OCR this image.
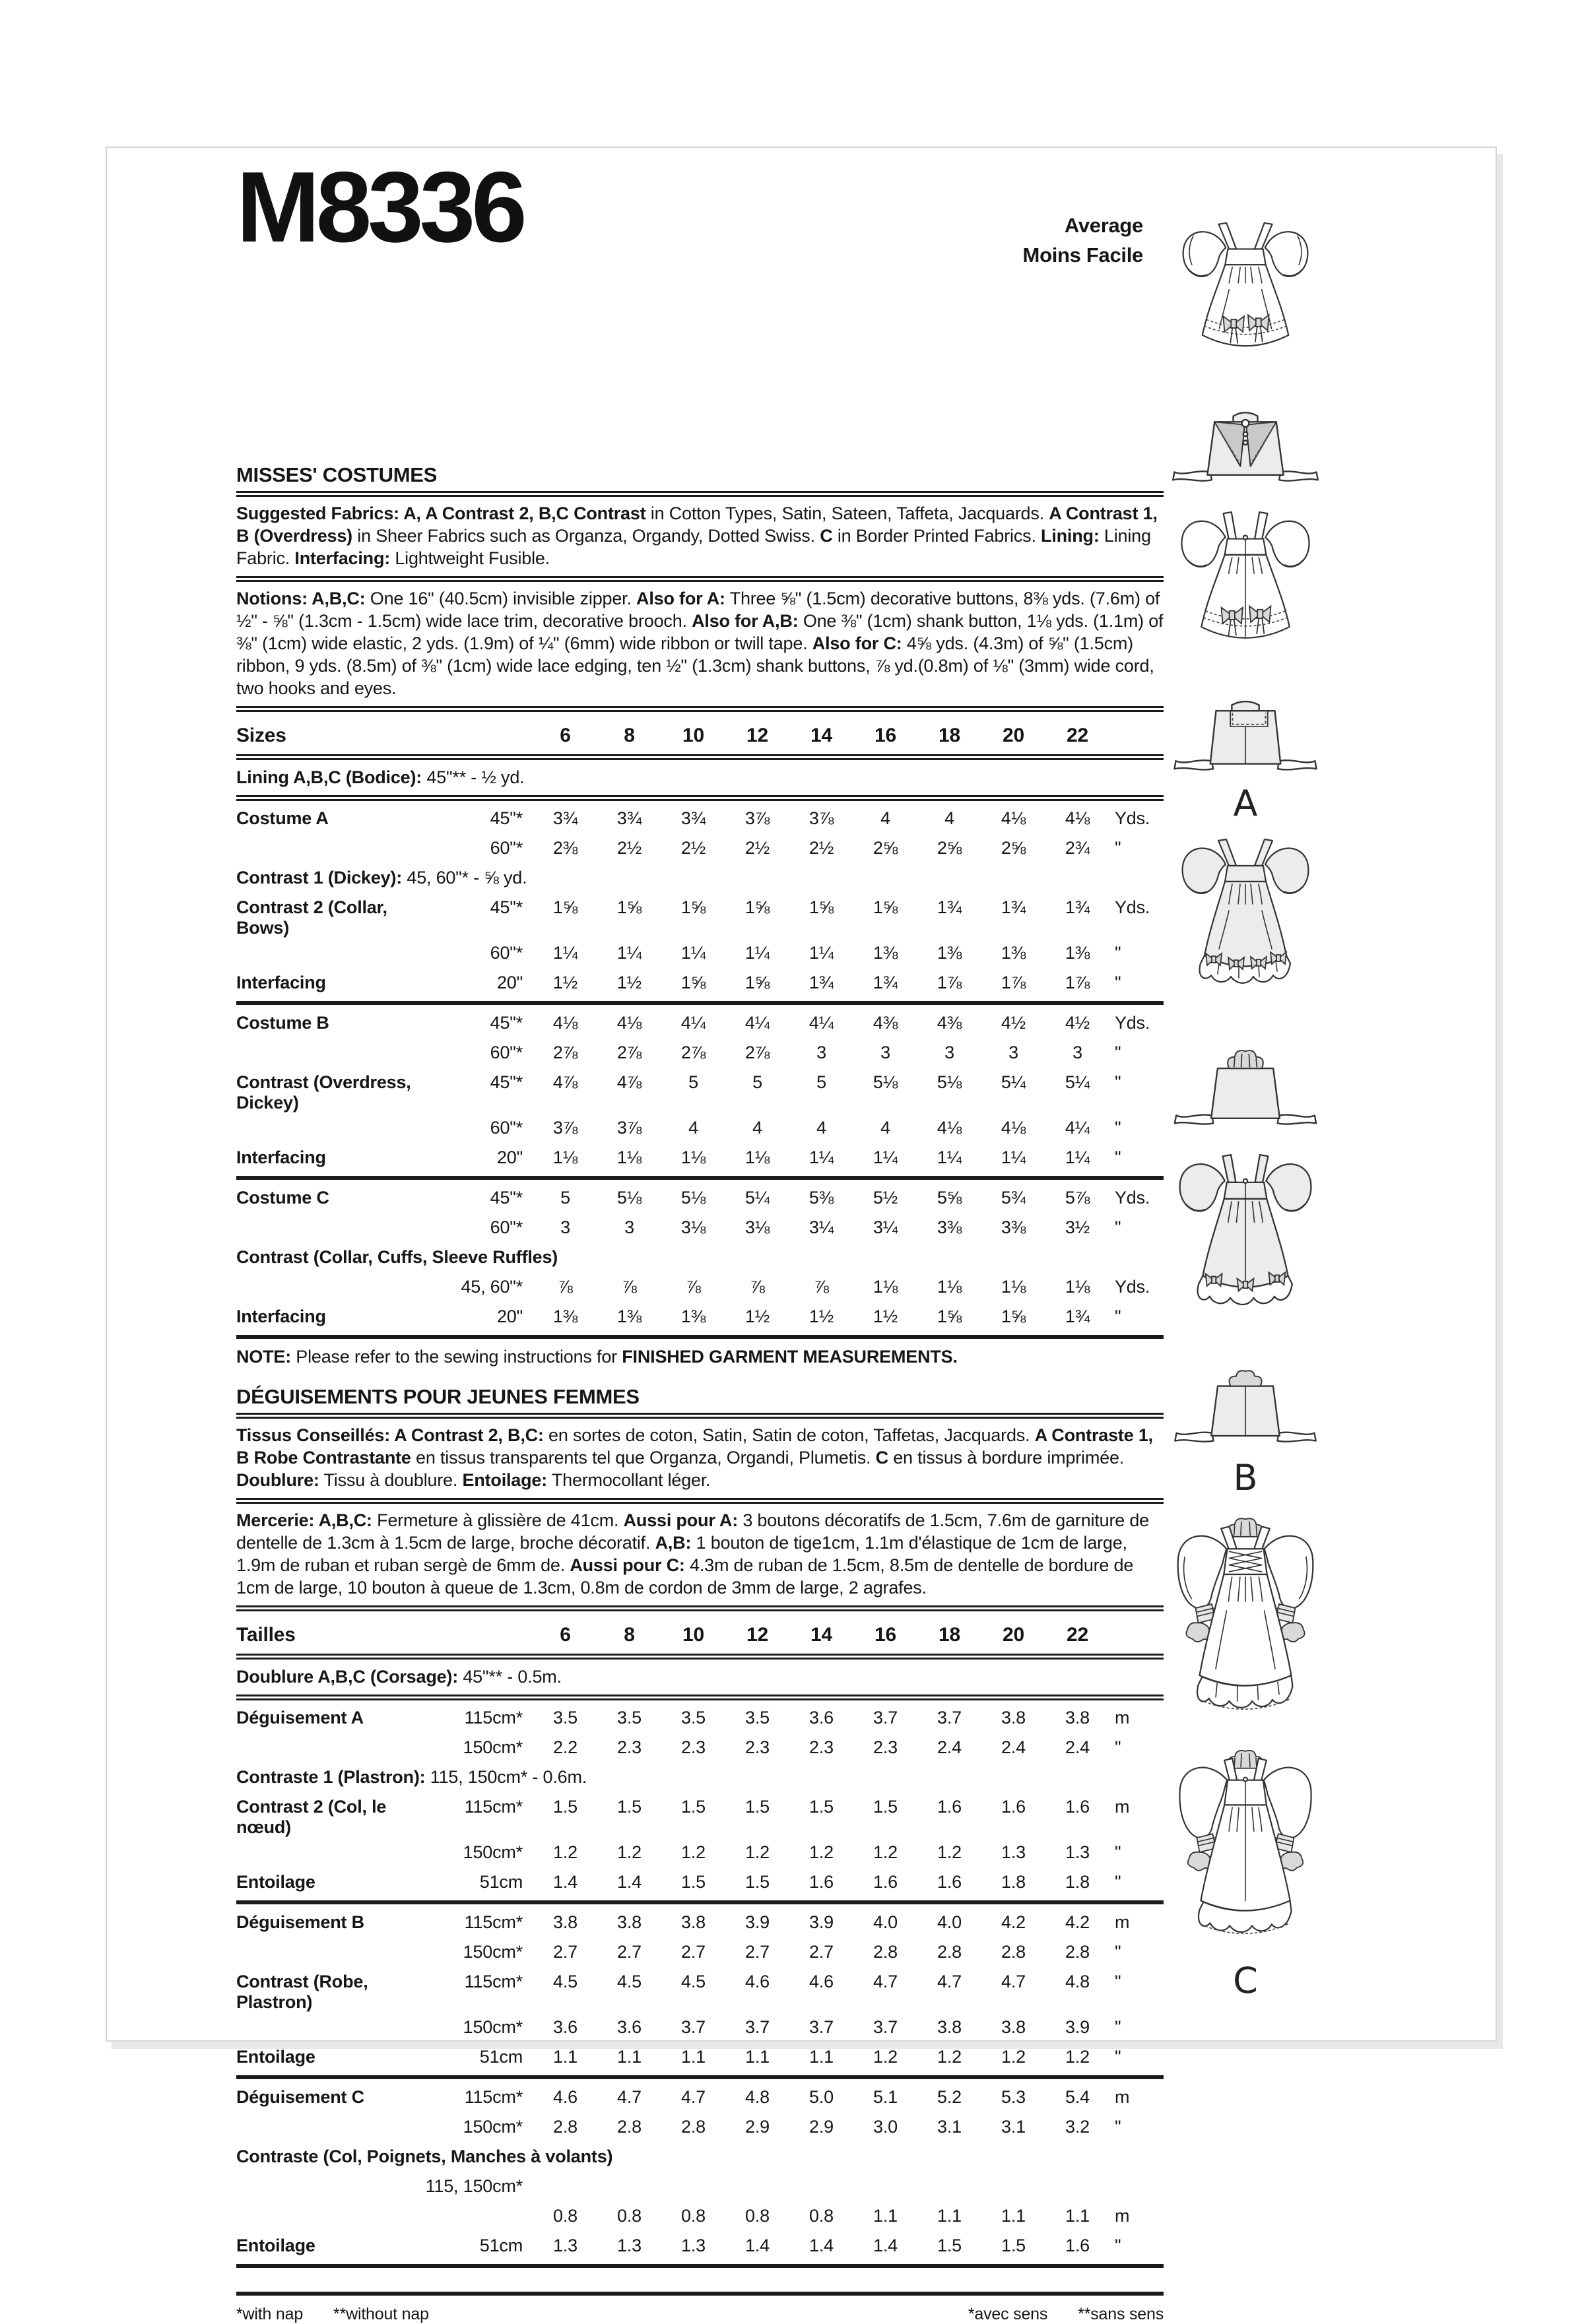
M8336	Average
Moins Facile
MISSES' COSTUMES
Suggested Fabrics: A, A Contrast 2, B,C Contrast in Cotton Types, Satin, Sateen, Taffeta, Jacquards. A Contrast 1, B (Overdress) in Sheer Fabrics such as Organza, Organdy, Dotted Swiss. C in Border Printed Fabrics. Lining: Lining Fabric. Interfacing: Lightweight Fusible.
Notions: A,B,C: One 16" (40.5cm) invisible zipper. Also for A: Three ⅝" (1.5cm) decorative buttons, 8⅜ yds. (7.6m) of ½" - ⅝" (1.3cm - 1.5cm) wide lace trim, decorative brooch. Also for A,B: One ⅜" (1cm) shank button, 1⅛ yds. (1.1m) of ⅜" (1cm) wide elastic, 2 yds. (1.9m) of ¼" (6mm) wide ribbon or twill tape. Also for C: 4⅝ yds. (4.3m) of ⅝" (1.5cm) ribbon, 9 yds. (8.5m) of ⅜" (1cm) wide lace edging, ten ½" (1.3cm) shank buttons, ⅞ yd.(0.8m) of ⅛" (3mm) wide cord, two hooks and eyes.
Sizes	6	8	10	12	14	16	18	20	22
Lining A,B,C (Bodice): 45"** - ½ yd.
Costume A	45"*	3¾	3¾	3¾	3⅞	3⅞	4	4	4⅛	4⅛	Yds.
60"*	2⅜	2½	2½	2½	2½	2⅝	2⅝	2⅝	2¾	"
Contrast 1 (Dickey): 45, 60"* - ⅝ yd.
Contrast 2 (Collar, Bows)
45"*	1⅝	1⅝	1⅝	1⅝	1⅝	1⅝	1¾	1¾	1¾	Yds.
60"*	1¼	1¼	1¼	1¼	1¼	1⅜	1⅜	1⅜	1⅜	"
Interfacing	20"	1½	1½	1⅝	1⅝	1¾	1¾	1⅞	1⅞	1⅞	"
Costume B	45"*	4⅛	4⅛	4¼	4¼	4¼	4⅜	4⅜	4½	4½	Yds.
60"*	2⅞	2⅞	2⅞	2⅞	3	3	3	3	3	"
Contrast (Overdress, Dickey)
45"*	4⅞	4⅞	5	5	5	5⅛	5⅛	5¼	5¼	"
60"*	3⅞	3⅞	4	4	4	4	4⅛	4⅛	4¼	"
Interfacing	20"	1⅛	1⅛	1⅛	1⅛	1¼	1¼	1¼	1¼	1¼	"
Costume C	45"*	5	5⅛	5⅛	5¼	5⅜	5½	5⅝	5¾	5⅞	Yds.
60"*	3	3	3⅛	3⅛	3¼	3¼	3⅜	3⅜	3½	"
Contrast (Collar, Cuffs, Sleeve Ruffles)
45, 60"*	⅞	⅞	⅞	⅞	⅞	1⅛	1⅛	1⅛	1⅛	Yds.
Interfacing	20"	1⅜	1⅜	1⅜	1½	1½	1½	1⅝	1⅝	1¾	"
NOTE: Please refer to the sewing instructions for FINISHED GARMENT MEASUREMENTS.
DÉGUISEMENTS POUR JEUNES FEMMES
Tissus Conseillés: A Contrast 2, B,C: en sortes de coton, Satin, Satin de coton, Taffetas, Jacquards. A Contraste 1, B Robe Contrastante en tissus transparents tel que Organza, Organdi, Plumetis. C en tissus à bordure imprimée. Doublure: Tissu à doublure. Entoilage: Thermocollant léger.
Mercerie: A,B,C: Fermeture à glissière de 41cm. Aussi pour A: 3 boutons décoratifs de 1.5cm, 7.6m de garniture de dentelle de 1.3cm à 1.5cm de large, broche décoratif. A,B: 1 bouton de tige1cm, 1.1m d'élastique de 1cm de large, 1.9m de ruban et ruban sergè de 6mm de. Aussi pour C: 4.3m de ruban de 1.5cm, 8.5m de dentelle de bordure de 1cm de large, 10 bouton à queue de 1.3cm, 0.8m de cordon de 3mm de large, 2 agrafes.
Tailles	6	8	10	12	14	16	18	20	22
Doublure A,B,C (Corsage): 45"** - 0.5m.
Déguisement A	115cm*	3.5	3.5	3.5	3.5	3.6	3.7	3.7	3.8	3.8	m
150cm*	2.2	2.3	2.3	2.3	2.3	2.3	2.4	2.4	2.4	"
Contraste 1 (Plastron): 115, 150cm* - 0.6m.
Contrast 2 (Col, le nœud)
115cm*	1.5	1.5	1.5	1.5	1.5	1.5	1.6	1.6	1.6	m
150cm*	1.2	1.2	1.2	1.2	1.2	1.2	1.2	1.3	1.3	"
Entoilage	51cm	1.4	1.4	1.5	1.5	1.6	1.6	1.6	1.8	1.8	"
Déguisement B	115cm*	3.8	3.8	3.8	3.9	3.9	4.0	4.0	4.2	4.2	m
150cm*	2.7	2.7	2.7	2.7	2.7	2.8	2.8	2.8	2.8	"
Contrast (Robe, Plastron)
115cm*	4.5	4.5	4.5	4.6	4.6	4.7	4.7	4.7	4.8	"
150cm*	3.6	3.6	3.7	3.7	3.7	3.7	3.8	3.8	3.9	"
Entoilage	51cm	1.1	1.1	1.1	1.1	1.1	1.2	1.2	1.2	1.2	"
Déguisement C	115cm*	4.6	4.7	4.7	4.8	5.0	5.1	5.2	5.3	5.4	m
150cm*	2.8	2.8	2.8	2.9	2.9	3.0	3.1	3.1	3.2	"
Contraste (Col, Poignets, Manches à volants)
115, 150cm*
0.8	0.8	0.8	0.8	0.8	1.1	1.1	1.1	1.1	m
Entoilage	51cm	1.3	1.3	1.3	1.4	1.4	1.4	1.5	1.5	1.6	"
*with nap **without nap	*avec sens **sans sens
A
B
C
